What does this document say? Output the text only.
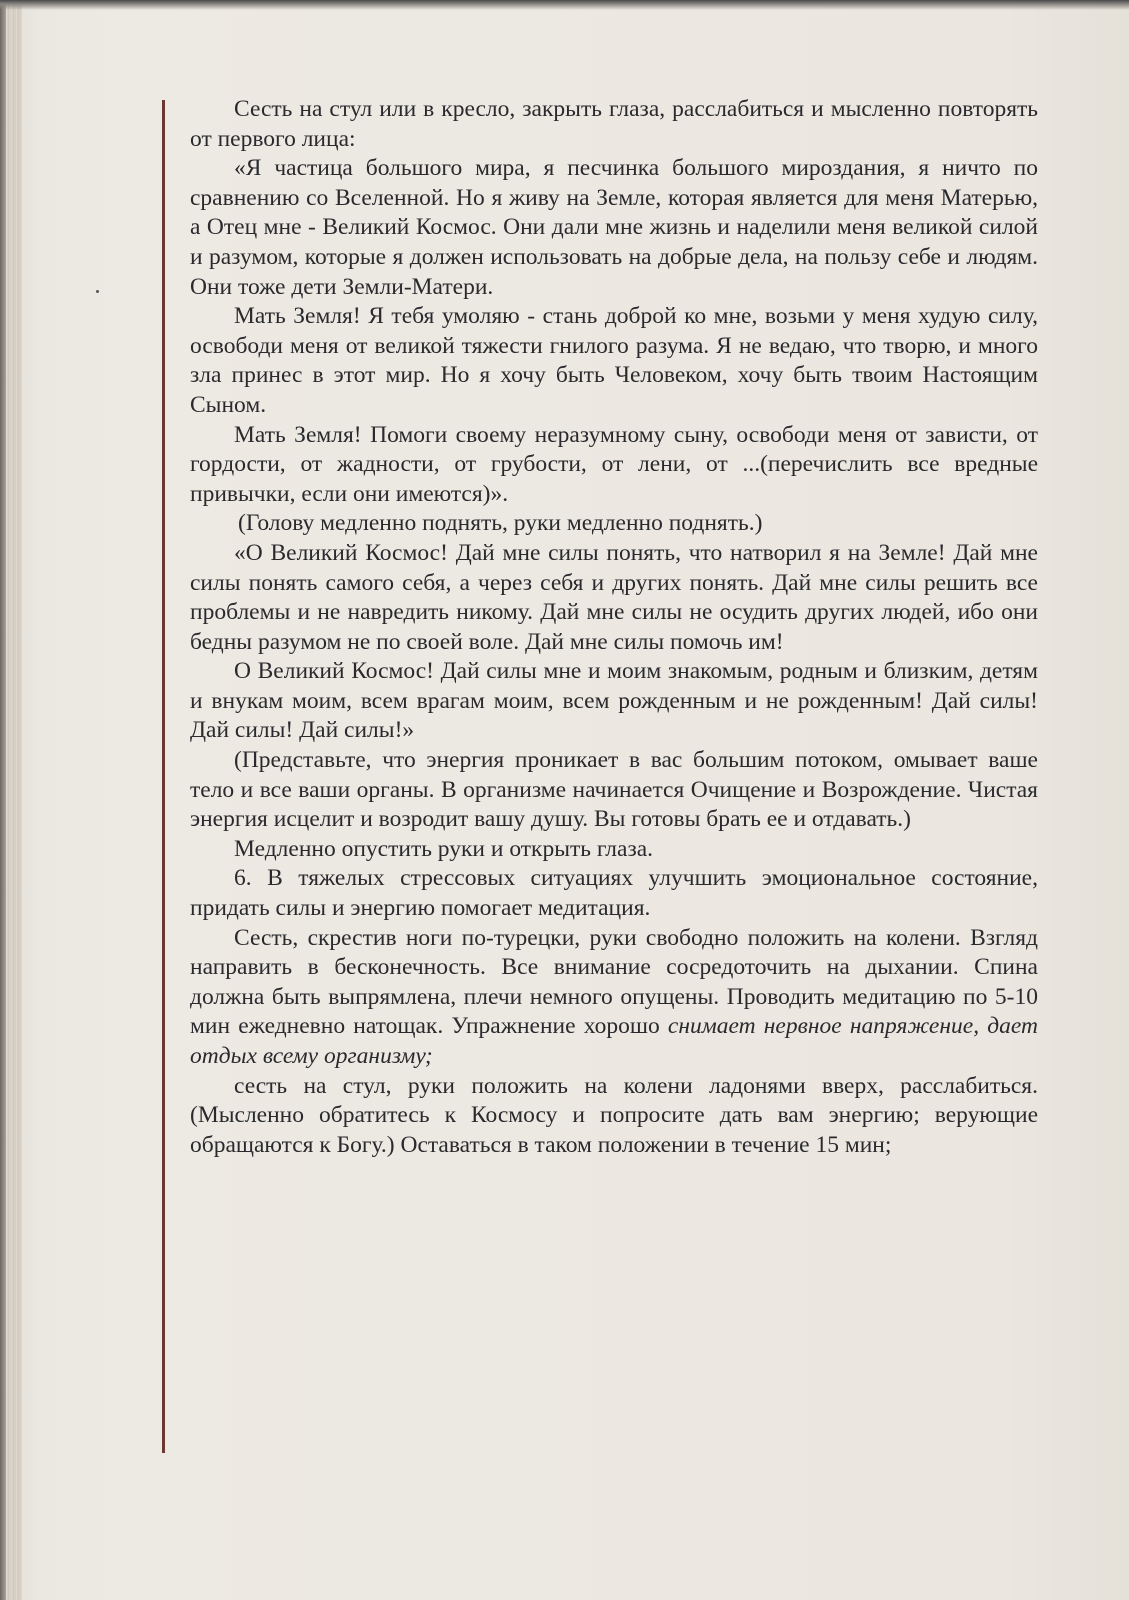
Сесть на стул или в кресло, закрыть глаза, расслабиться и мысленно повторять от первого лица:

«Я частица большого мира, я песчинка большого мироздания, я ничто по сравнению со Вселенной. Но я живу на Земле, которая является для меня Матерью, а Отец мне - Великий Космос. Они дали мне жизнь и наделили меня великой силой и разумом, которые я должен использовать на добрые дела, на пользу себе и людям. Они тоже дети Земли-Матери.

Мать Земля! Я тебя умоляю - стань доброй ко мне, возьми у меня худую силу, освободи меня от великой тяжести гнилого разума. Я не ведаю, что творю, и много зла принес в этот мир. Но я хочу быть Человеком, хочу быть твоим Настоящим Сыном.

Мать Земля! Помоги своему неразумному сыну, освободи меня от зависти, от гордости, от жадности, от грубости, от лени, от ...(перечислить все вредные привычки, если они имеются)».

(Голову медленно поднять, руки медленно поднять.)

«О Великий Космос! Дай мне силы понять, что натворил я на Земле! Дай мне силы понять самого себя, а через себя и других понять. Дай мне силы решить все проблемы и не навредить никому. Дай мне силы не осудить других людей, ибо они бедны разумом не по своей воле. Дай мне силы помочь им!

О Великий Космос! Дай силы мне и моим знакомым, родным и близким, детям и внукам моим, всем врагам моим, всем рожденным и не рожденным! Дай силы! Дай силы! Дай силы!»

(Представьте, что энергия проникает в вас большим потоком, омывает ваше тело и все ваши органы. В организме начинается Очищение и Возрождение. Чистая энергия исцелит и возродит вашу душу. Вы готовы брать ее и отдавать.)

Медленно опустить руки и открыть глаза.

6. В тяжелых стрессовых ситуациях улучшить эмоциональное состояние, придать силы и энергию помогает медитация.

Сесть, скрестив ноги по-турецки, руки свободно положить на колени. Взгляд направить в бесконечность. Все внимание сосредоточить на дыхании. Спина должна быть выпрямлена, плечи немного опущены. Проводить медитацию по 5-10 мин ежедневно натощак. Упражнение хорошо снимает нервное напряжение, дает отдых всему организму;

сесть на стул, руки положить на колени ладонями вверх, расслабиться. (Мысленно обратитесь к Космосу и попросите дать вам энергию; верующие обращаются к Богу.) Оставаться в таком положении в течение 15 мин;
